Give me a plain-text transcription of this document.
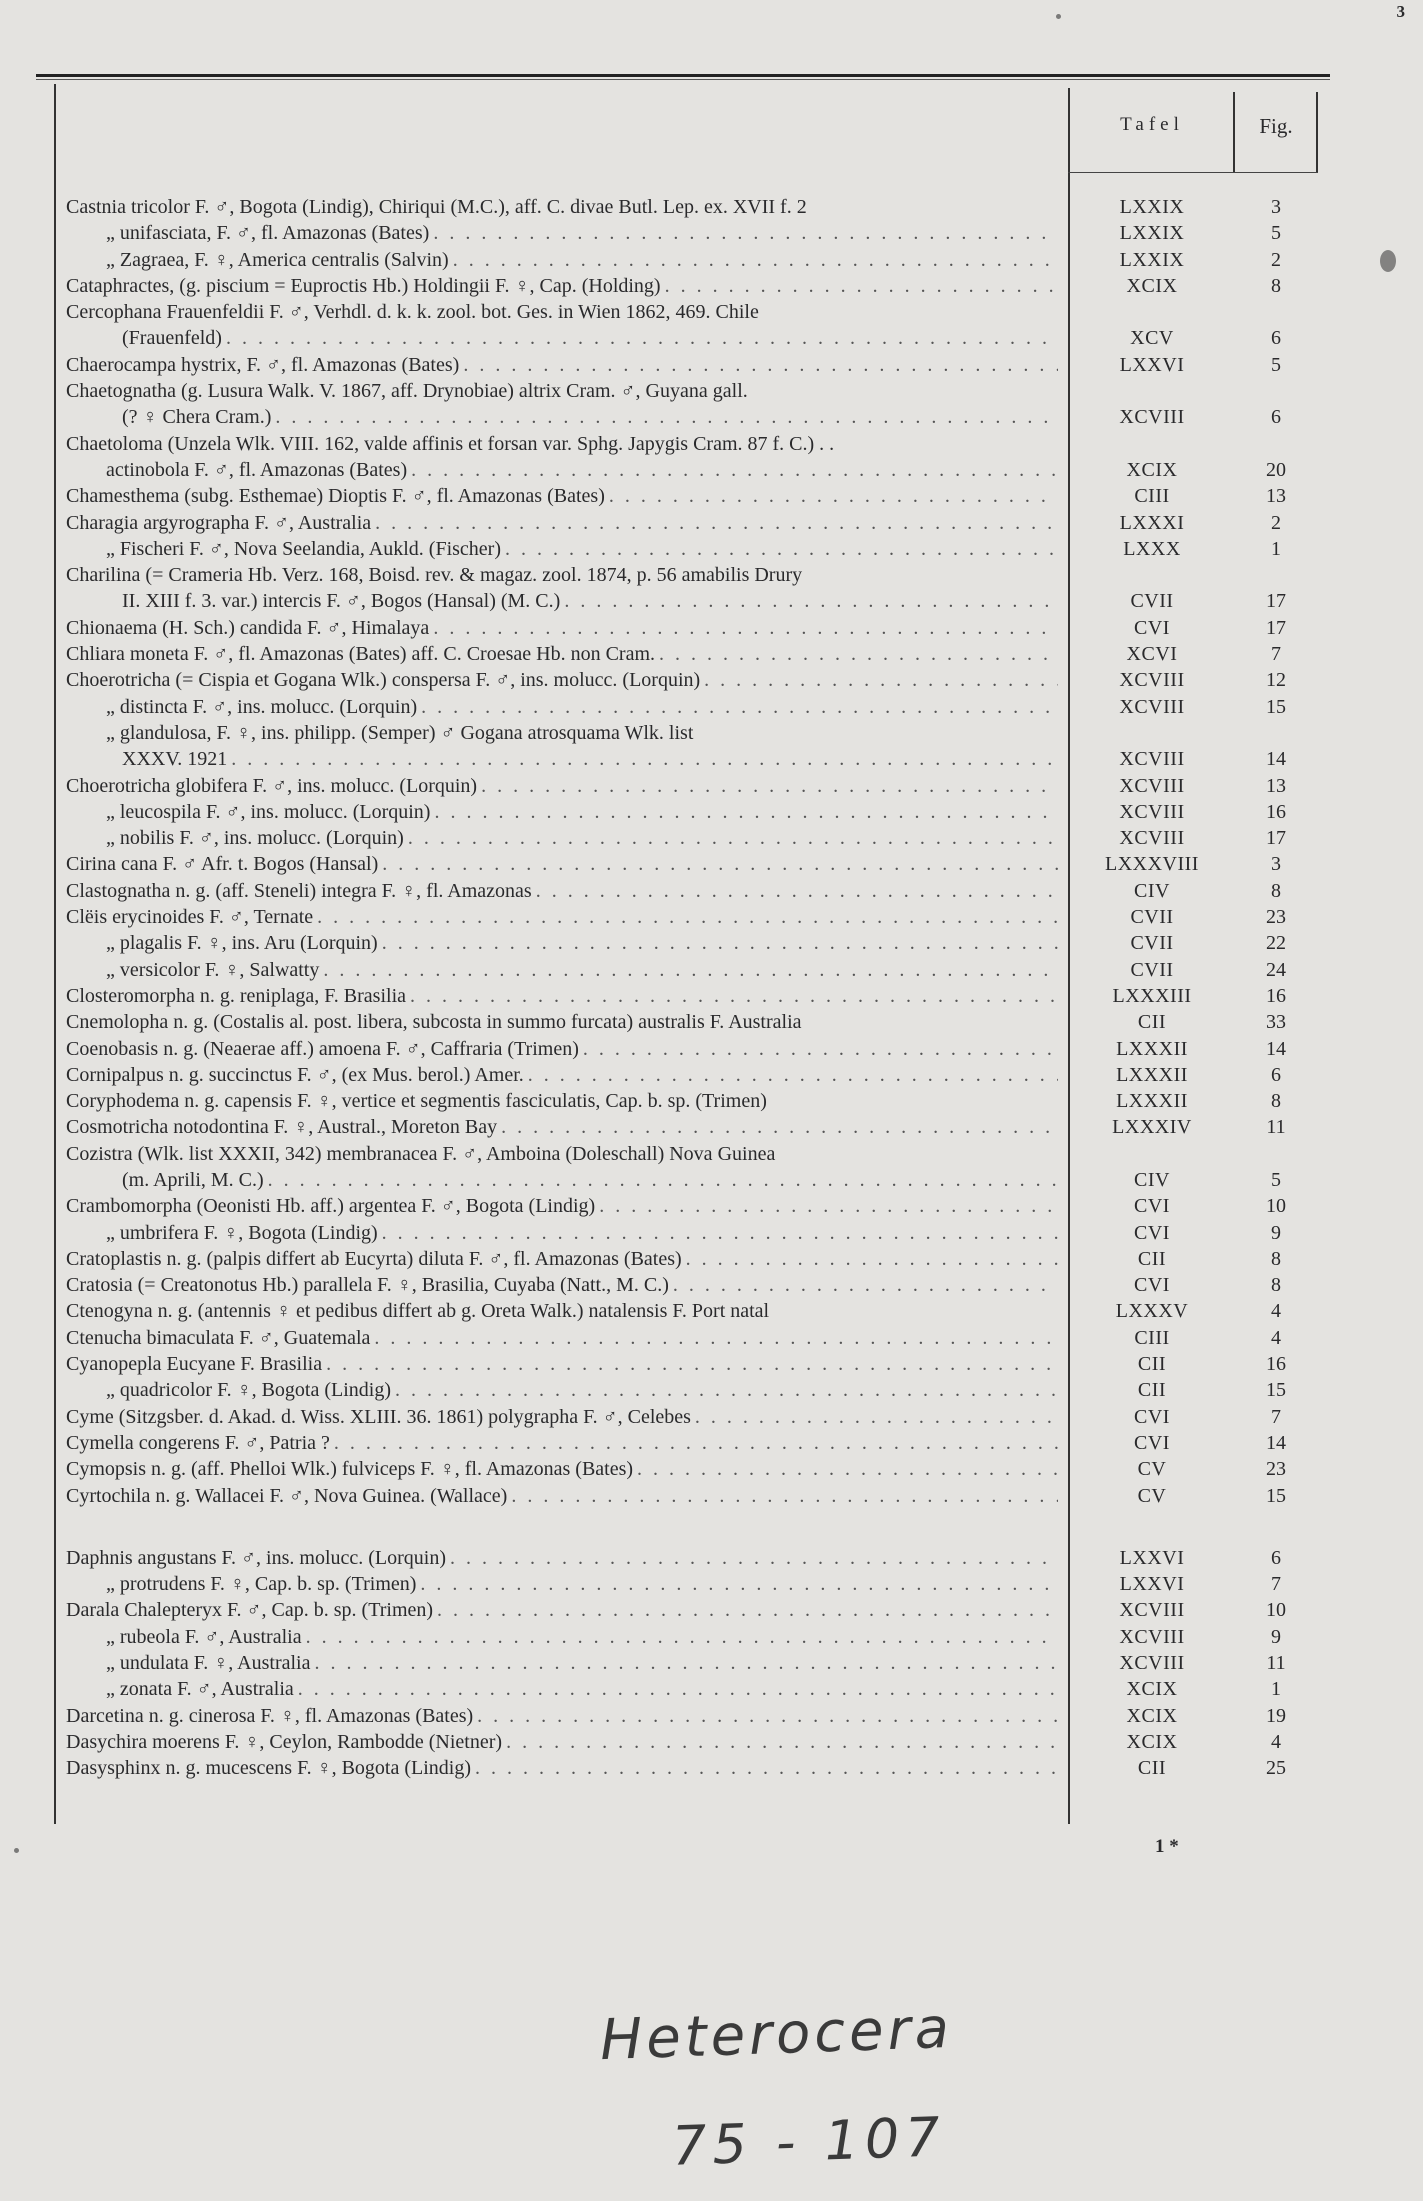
3
Tafel	Fig.
Castnia tricolor F. ♂, Bogota (Lindig), Chiriqui (M.C.), aff. C. divae Butl. Lep. ex. XVII f. 2	LXXIX	3
„ unifasciata, F. ♂, fl. Amazonas (Bates) . . .	LXXIX	5
„ Zagraea, F. ♀, America centralis (Salvin) . . .	LXXIX	2
Cataphractes, (g. piscium = Euproctis Hb.) Holdingii F. ♀, Cap. (Holding) . . .	XCIX	8
Cercophana Frauenfeldii F. ♂, Verhdl. d. k. k. zool. bot. Ges. in Wien 1862, 469. Chile
(Frauenfeld) . . .	XCV	6
Chaerocampa hystrix, F. ♂, fl. Amazonas (Bates) . . .	LXXVI	5
Chaetognatha (g. Lusura Walk. V. 1867, aff. Drynobiae) altrix Cram. ♂, Guyana gall.
(? ♀ Chera Cram.) . . .	XCVIII	6
Chaetoloma (Unzela Wlk. VIII. 162, valde affinis et forsan var. Sphg. Japygis Cram. 87 f. C.) . .
actinobola F. ♂, fl. Amazonas (Bates) . . .	XCIX	20
Chamesthema (subg. Esthemae) Dioptis F. ♂, fl. Amazonas (Bates) . . .	CIII	13
Charagia argyrographa F. ♂, Australia . . .	LXXXI	2
„ Fischeri F. ♂, Nova Seelandia, Aukld. (Fischer) . . .	LXXX	1
Charilina (= Crameria Hb. Verz. 168, Boisd. rev. & magaz. zool. 1874, p. 56 amabilis Drury
II. XIII f. 3. var.) intercis F. ♂, Bogos (Hansal) (M. C.) . . .	CVII	17
Chionaema (H. Sch.) candida F. ♂, Himalaya . . .	CVI	17
Chliara moneta F. ♂, fl. Amazonas (Bates) aff. C. Croesae Hb. non Cram. . . .	XCVI	7
Choerotricha (= Cispia et Gogana Wlk.) conspersa F. ♂, ins. molucc. (Lorquin) . . .	XCVIII	12
„ distincta F. ♂, ins. molucc. (Lorquin) . . .	XCVIII	15
„ glandulosa, F. ♀, ins. philipp. (Semper) ♂ Gogana atrosquama Wlk. list
XXXV. 1921 . . .	XCVIII	14
Choerotricha globifera F. ♂, ins. molucc. (Lorquin) . . .	XCVIII	13
„ leucospila F. ♂, ins. molucc. (Lorquin) . . .	XCVIII	16
„ nobilis F. ♂, ins. molucc. (Lorquin) . . .	XCVIII	17
Cirina cana F. ♂ Afr. t. Bogos (Hansal) . . .	LXXXVIII	3
Clastognatha n. g. (aff. Steneli) integra F. ♀, fl. Amazonas . . .	CIV	8
Clëis erycinoides F. ♂, Ternate . . .	CVII	23
„ plagalis F. ♀, ins. Aru (Lorquin) . . .	CVII	22
„ versicolor F. ♀, Salwatty . . .	CVII	24
Closteromorpha n. g. reniplaga, F. Brasilia . . .	LXXXIII	16
Cnemolopha n. g. (Costalis al. post. libera, subcosta in summo furcata) australis F. Australia	CII	33
Coenobasis n. g. (Neaerae aff.) amoena F. ♂, Caffraria (Trimen) . . .	LXXXII	14
Cornipalpus n. g. succinctus F. ♂, (ex Mus. berol.) Amer. . . .	LXXXII	6
Coryphodema n. g. capensis F. ♀, vertice et segmentis fasciculatis, Cap. b. sp. (Trimen)	LXXXII	8
Cosmotricha notodontina F. ♀, Austral., Moreton Bay . . .	LXXXIV	11
Cozistra (Wlk. list XXXII, 342) membranacea F. ♂, Amboina (Doleschall) Nova Guinea
(m. Aprili, M. C.) . . .	CIV	5
Crambomorpha (Oeonisti Hb. aff.) argentea F. ♂, Bogota (Lindig) . . .	CVI	10
„ umbrifera F. ♀, Bogota (Lindig) . . .	CVI	9
Cratoplastis n. g. (palpis differt ab Eucyrta) diluta F. ♂, fl. Amazonas (Bates) . . .	CII	8
Cratosia (= Creatonotus Hb.) parallela F. ♀, Brasilia, Cuyaba (Natt., M. C.) . . .	CVI	8
Ctenogyna n. g. (antennis ♀ et pedibus differt ab g. Oreta Walk.) natalensis F. Port natal	LXXXV	4
Ctenucha bimaculata F. ♂, Guatemala . . .	CIII	4
Cyanopepla Eucyane F. Brasilia . . .	CII	16
„ quadricolor F. ♀, Bogota (Lindig) . . .	CII	15
Cyme (Sitzgsber. d. Akad. d. Wiss. XLIII. 36. 1861) polygrapha F. ♂, Celebes . . .	CVI	7
Cymella congerens F. ♂, Patria ? . . .	CVI	14
Cymopsis n. g. (aff. Phelloi Wlk.) fulviceps F. ♀, fl. Amazonas (Bates) . . .	CV	23
Cyrtochila n. g. Wallacei F. ♂, Nova Guinea. (Wallace) . . .	CV	15
Daphnis angustans F. ♂, ins. molucc. (Lorquin) . . .	LXXVI	6
„ protrudens F. ♀, Cap. b. sp. (Trimen) . . .	LXXVI	7
Darala Chalepteryx F. ♂, Cap. b. sp. (Trimen) . . .	XCVIII	10
„ rubeola F. ♂, Australia . . .	XCVIII	9
„ undulata F. ♀, Australia . . .	XCVIII	11
„ zonata F. ♂, Australia . . .	XCIX	1
Darcetina n. g. cinerosa F. ♀, fl. Amazonas (Bates) . . .	XCIX	19
Dasychira moerens F. ♀, Ceylon, Rambodde (Nietner) . . .	XCIX	4
Dasysphinx n. g. mucescens F. ♀, Bogota (Lindig) . . .	CII	25
1 *
Heterocera
75 - 107
